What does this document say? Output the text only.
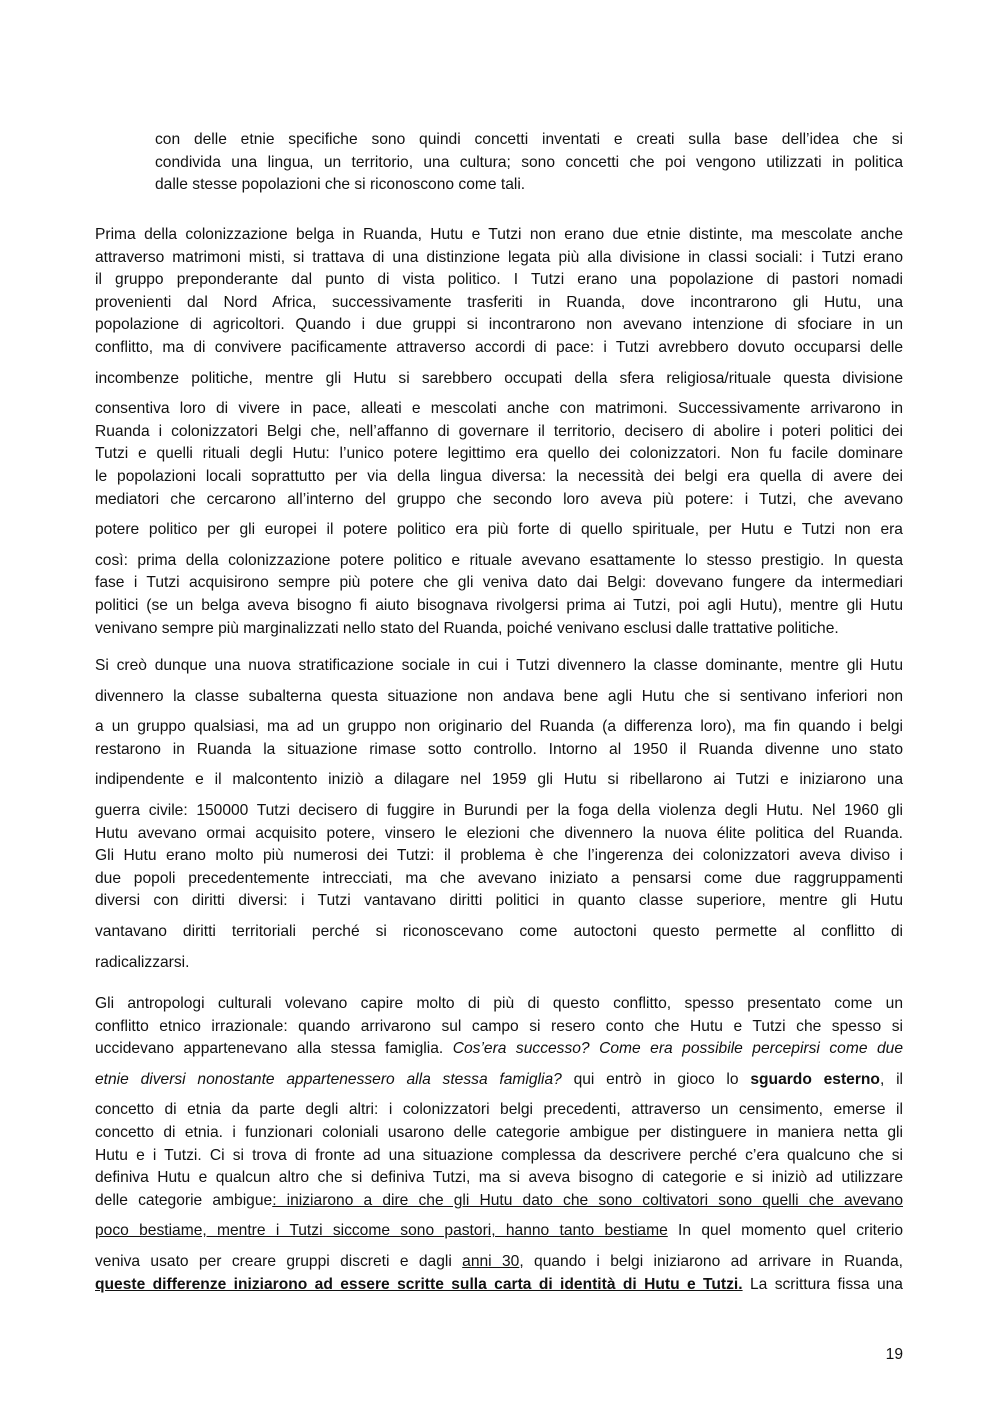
con delle etnie specifiche sono quindi concetti inventati e creati sulla base dell’idea che si
condivida una lingua, un territorio, una cultura; sono concetti che poi vengono utilizzati in politica
dalle stesse popolazioni che si riconoscono come tali.
Prima della colonizzazione belga in Ruanda, Hutu e Tutzi non erano due etnie distinte, ma mescolate anche
attraverso matrimoni misti, si trattava di una distinzione legata più alla divisione in classi sociali: i Tutzi erano
il gruppo preponderante dal punto di vista politico. I Tutzi erano una popolazione di pastori nomadi
provenienti dal Nord Africa, successivamente trasferiti in Ruanda, dove incontrarono gli Hutu, una
popolazione di agricoltori. Quando i due gruppi si incontrarono non avevano intenzione di sfociare in un
conflitto, ma di convivere pacificamente attraverso accordi di pace: i Tutzi avrebbero dovuto occuparsi delle
incombenze politiche, mentre gli Hutu si sarebbero occupati della sfera religiosa/rituale questa divisione
consentiva loro di vivere in pace, alleati e mescolati anche con matrimoni. Successivamente arrivarono in
Ruanda i colonizzatori Belgi che, nell’affanno di governare il territorio, decisero di abolire i poteri politici dei
Tutzi e quelli rituali degli Hutu: l’unico potere legittimo era quello dei colonizzatori. Non fu facile dominare
le popolazioni locali soprattutto per via della lingua diversa: la necessità dei belgi era quella di avere dei
mediatori che cercarono all’interno del gruppo che secondo loro aveva più potere: i Tutzi, che avevano
potere politico per gli europei il potere politico era più forte di quello spirituale, per Hutu e Tutzi non era
così: prima della colonizzazione potere politico e rituale avevano esattamente lo stesso prestigio. In questa
fase i Tutzi acquisirono sempre più potere che gli veniva dato dai Belgi: dovevano fungere da intermediari
politici (se un belga aveva bisogno fi aiuto bisognava rivolgersi prima ai Tutzi, poi agli Hutu), mentre gli Hutu
venivano sempre più marginalizzati nello stato del Ruanda, poiché venivano esclusi dalle trattative politiche.
Si creò dunque una nuova stratificazione sociale in cui i Tutzi divennero la classe dominante, mentre gli Hutu
divennero la classe subalterna questa situazione non andava bene agli Hutu che si sentivano inferiori non
a un gruppo qualsiasi, ma ad un gruppo non originario del Ruanda (a differenza loro), ma fin quando i belgi
restarono in Ruanda la situazione rimase sotto controllo. Intorno al 1950 il Ruanda divenne uno stato
indipendente e il malcontento iniziò a dilagare nel 1959 gli Hutu si ribellarono ai Tutzi e iniziarono una
guerra civile: 150000 Tutzi decisero di fuggire in Burundi per la foga della violenza degli Hutu. Nel 1960 gli
Hutu avevano ormai acquisito potere, vinsero le elezioni che divennero la nuova élite politica del Ruanda.
Gli Hutu erano molto più numerosi dei Tutzi: il problema è che l’ingerenza dei colonizzatori aveva diviso i
due popoli precedentemente intrecciati, ma che avevano iniziato a pensarsi come due raggruppamenti
diversi con diritti diversi: i Tutzi vantavano diritti politici in quanto classe superiore, mentre gli Hutu
vantavano diritti territoriali perché si riconoscevano come autoctoni questo permette al conflitto di
radicalizzarsi.
Gli antropologi culturali volevano capire molto di più di questo conflitto, spesso presentato come un
conflitto etnico irrazionale: quando arrivarono sul campo si resero conto che Hutu e Tutzi che spesso si
uccidevano appartenevano alla stessa famiglia. Cos’era successo? Come era possibile percepirsi come due
etnie diversi nonostante appartenessero alla stessa famiglia? qui entrò in gioco lo sguardo esterno, il
concetto di etnia da parte degli altri: i colonizzatori belgi precedenti, attraverso un censimento, emerse il
concetto di etnia. i funzionari coloniali usarono delle categorie ambigue per distinguere in maniera netta gli
Hutu e i Tutzi. Ci si trova di fronte ad una situazione complessa da descrivere perché c’era qualcuno che si
definiva Hutu e qualcun altro che si definiva Tutzi, ma si aveva bisogno di categorie e si iniziò ad utilizzare
delle categorie ambigue: iniziarono a dire che gli Hutu dato che sono coltivatori sono quelli che avevano
poco bestiame, mentre i Tutzi siccome sono pastori, hanno tanto bestiame In quel momento quel criterio
veniva usato per creare gruppi discreti e dagli anni 30, quando i belgi iniziarono ad arrivare in Ruanda,
queste differenze iniziarono ad essere scritte sulla carta di identità di Hutu e Tutzi. La scrittura fissa una
19
